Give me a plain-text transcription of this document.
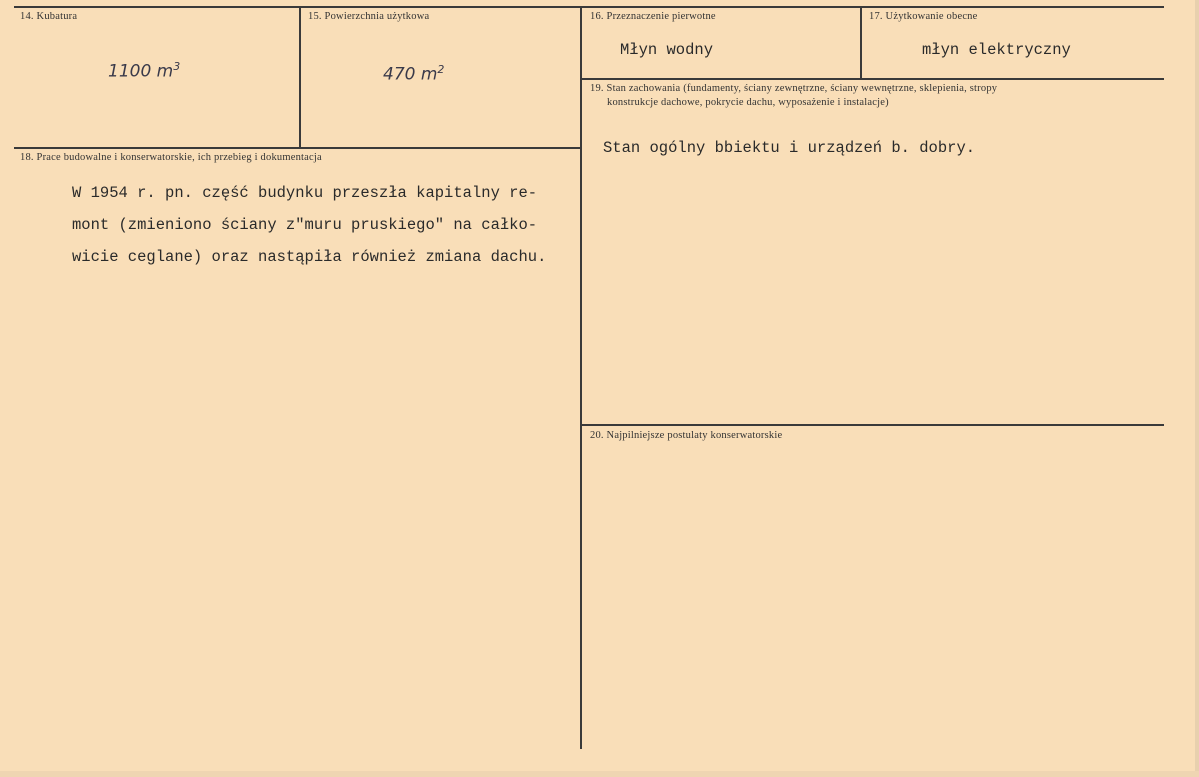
14. Kubatura
1100 $m^3$
15. Powierzchnia użytkowa
470 $m^2$
16. Przeznaczenie pierwotne
Młyn wodny
17. Użytkowanie obecne
młyn elektryczny
19. Stan zachowania (fundamenty, ściany zewnętrzne, ściany wewnętrzne, sklepienia, stropy
konstrukcje dachowe, pokrycie dachu, wyposażenie i instalacje)
Stan ogólny bbiektu i urządzeń b. dobry.
18. Prace budowalne i konserwatorskie, ich przebieg i dokumentacja
W 1954 r. pn. część budynku przeszła kapitalny re-
mont (zmieniono ściany z"muru pruskiego" na całko-
wicie ceglane) oraz nastąpiła również zmiana dachu.
20. Najpilniejsze postulaty konserwatorskie
